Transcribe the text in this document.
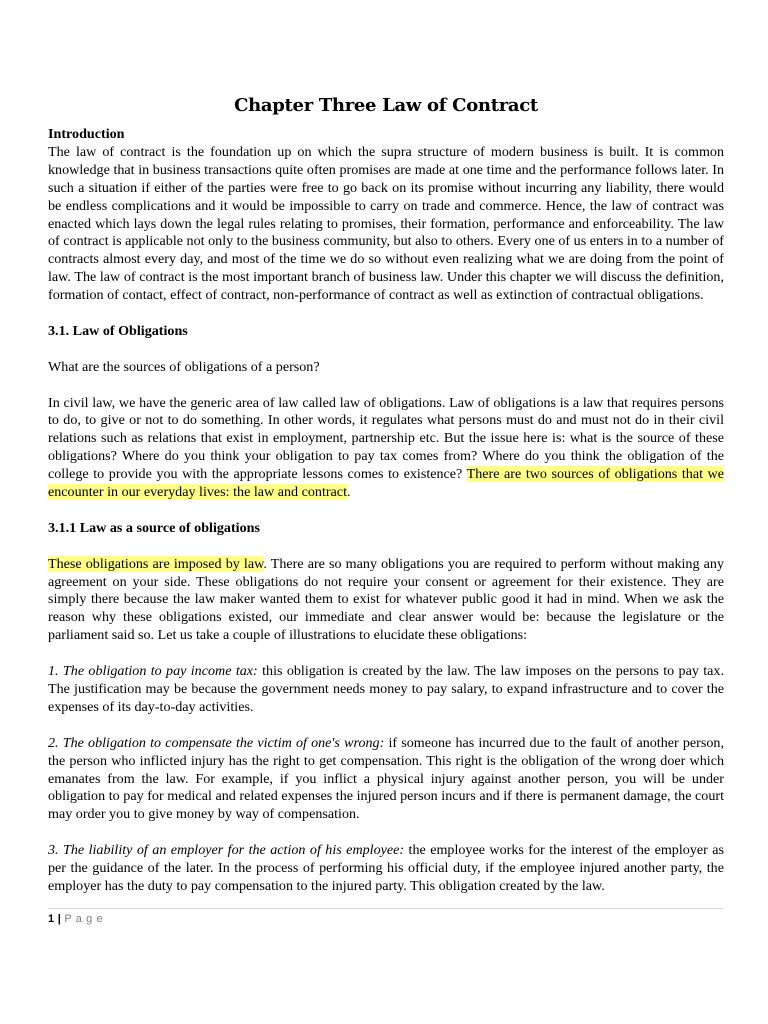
Chapter Three Law of Contract
Introduction

The law of contract is the foundation up on which the supra structure of modern business is built. It is common knowledge that in business transactions quite often promises are made at one time and the performance follows later. In such a situation if either of the parties were free to go back on its promise without incurring any liability, there would be endless complications and it would be impossible to carry on trade and commerce. Hence, the law of contract was enacted which lays down the legal rules relating to promises, their formation, performance and enforceability. The law of contract is applicable not only to the business community, but also to others. Every one of us enters in to a number of contracts almost every day, and most of the time we do so without even realizing what we are doing from the point of law. The law of contract is the most important branch of business law. Under this chapter we will discuss the definition, formation of contact, effect of contract, non-performance of contract as well as extinction of contractual obligations.

3.1. Law of Obligations

What are the sources of obligations of a person?

In civil law, we have the generic area of law called law of obligations. Law of obligations is a law that requires persons to do, to give or not to do something. In other words, it regulates what persons must do and must not do in their civil relations such as relations that exist in employment, partnership etc. But the issue here is: what is the source of these obligations? Where do you think your obligation to pay tax comes from? Where do you think the obligation of the college to provide you with the appropriate lessons comes to existence? There are two sources of obligations that we encounter in our everyday lives: the law and contract.

3.1.1 Law as a source of obligations

These obligations are imposed by law. There are so many obligations you are required to perform without making any agreement on your side. These obligations do not require your consent or agreement for their existence. They are simply there because the law maker wanted them to exist for whatever public good it had in mind. When we ask the reason why these obligations existed, our immediate and clear answer would be: because the legislature or the parliament said so. Let us take a couple of illustrations to elucidate these obligations:

1. The obligation to pay income tax: this obligation is created by the law. The law imposes on the persons to pay tax. The justification may be because the government needs money to pay salary, to expand infrastructure and to cover the expenses of its day-to-day activities.

2. The obligation to compensate the victim of one's wrong: if someone has incurred due to the fault of another person, the person who inflicted injury has the right to get compensation. This right is the obligation of the wrong doer which emanates from the law. For example, if you inflict a physical injury against another person, you will be under obligation to pay for medical and related expenses the injured person incurs and if there is permanent damage, the court may order you to give money by way of compensation.

3. The liability of an employer for the action of his employee: the employee works for the interest of the employer as per the guidance of the later. In the process of performing his official duty, if the employee injured another party, the employer has the duty to pay compensation to the injured party. This obligation created by the law.

1 | P a g e
